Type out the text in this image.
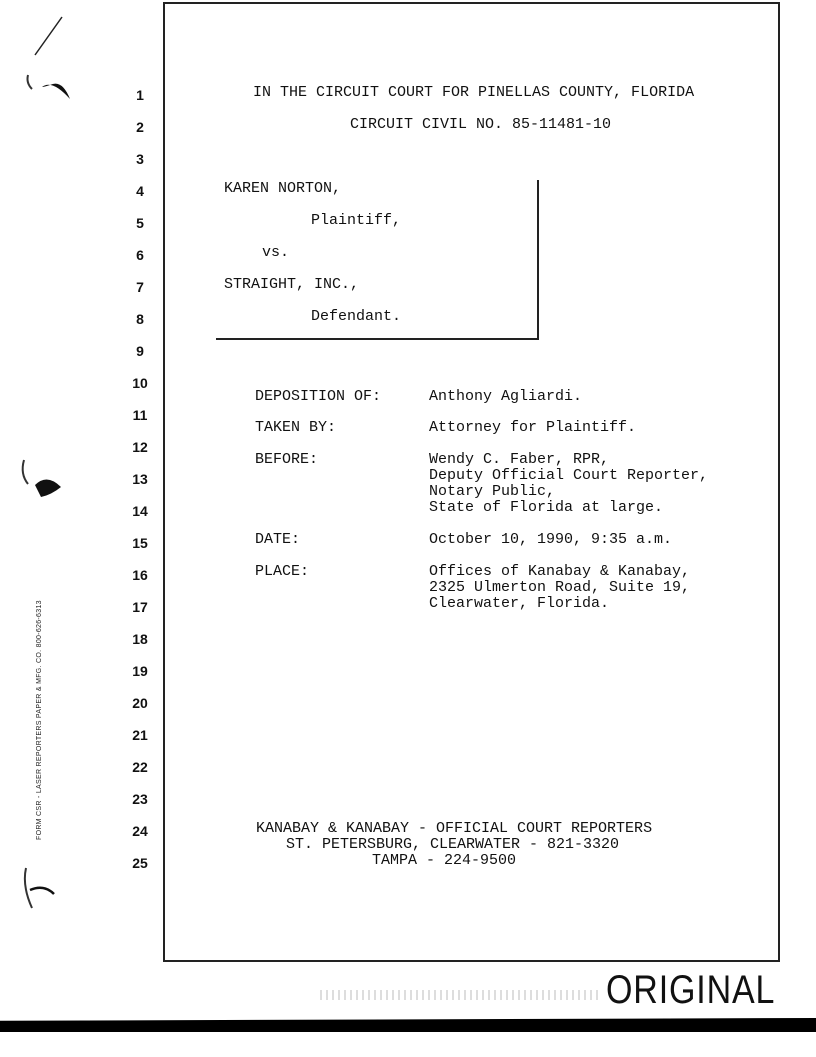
1
2
3
4
5
6
7
8
9
10
11
12
13
14
15
16
17
18
19
20
21
22
23
24
25
IN THE CIRCUIT COURT FOR PINELLAS COUNTY, FLORIDA
CIRCUIT CIVIL NO. 85-11481-10
KAREN NORTON,
Plaintiff,
vs.
STRAIGHT, INC.,
Defendant.
DEPOSITION OF:	Anthony Agliardi.
TAKEN BY:	Attorney for Plaintiff.
BEFORE:	Wendy C. Faber, RPR,
Deputy Official Court Reporter,
Notary Public,
State of Florida at large.
DATE:	October 10, 1990, 9:35 a.m.
PLACE:	Offices of Kanabay & Kanabay,
2325 Ulmerton Road, Suite 19,
Clearwater, Florida.
KANABAY & KANABAY - OFFICIAL COURT REPORTERS
ST. PETERSBURG, CLEARWATER - 821-3320
TAMPA - 224-9500
FORM CSR - LASER REPORTERS PAPER & MFG. CO. 800-626-6313
ORIGINAL
